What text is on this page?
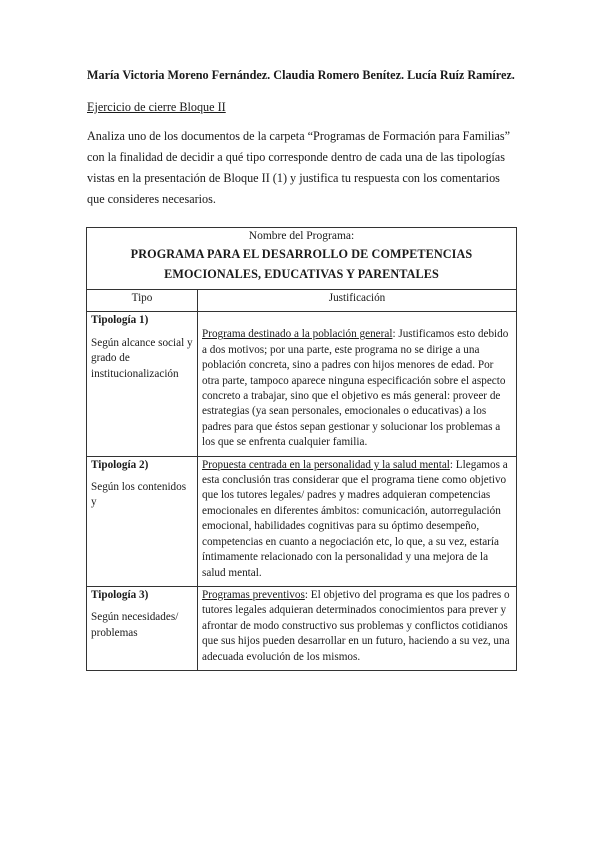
María Victoria Moreno Fernández. Claudia Romero Benítez. Lucía Ruíz Ramírez.
Ejercicio de cierre Bloque II
Analiza uno de los documentos de la carpeta “Programas de Formación para Familias” con la finalidad de decidir a qué tipo corresponde dentro de cada una de las tipologías vistas en la presentación de Bloque II (1) y justifica tu respuesta con los comentarios que consideres necesarios.
Nombre del Programa:
PROGRAMA PARA EL DESARROLLO DE COMPETENCIAS
EMOCIONALES, EDUCATIVAS Y PARENTALES	

Tipo	Justificación

Tipología 1)
Según alcance social y grado de institucionalización	Programa destinado a la población general: Justificamos esto debido a dos motivos; por una parte, este programa no se dirige a una población concreta, sino a padres con hijos menores de edad. Por otra parte, tampoco aparece ninguna especificación sobre el aspecto concreto a trabajar, sino que el objetivo es más general: proveer de estrategias (ya sean personales, emocionales o educativas) a los padres para que éstos sepan gestionar y solucionar los problemas a los que se enfrenta cualquier familia.

Tipología 2)
Según los contenidos y	Propuesta centrada en la personalidad y la salud mental: Llegamos a esta conclusión tras considerar que el programa tiene como objetivo que los tutores legales/ padres y madres adquieran competencias emocionales en diferentes ámbitos: comunicación, autorregulación emocional, habilidades cognitivas para su óptimo desempeño, competencias en cuanto a negociación etc, lo que, a su vez, estaría íntimamente relacionado con la personalidad y una mejora de la salud mental.

Tipología 3)
Según necesidades/ problemas	Programas preventivos: El objetivo del programa es que los padres o tutores legales adquieran determinados conocimientos para prever y afrontar de modo constructivo sus problemas y conflictos cotidianos que sus hijos pueden desarrollar en un futuro, haciendo a su vez, una adecuada evolución de los mismos.
